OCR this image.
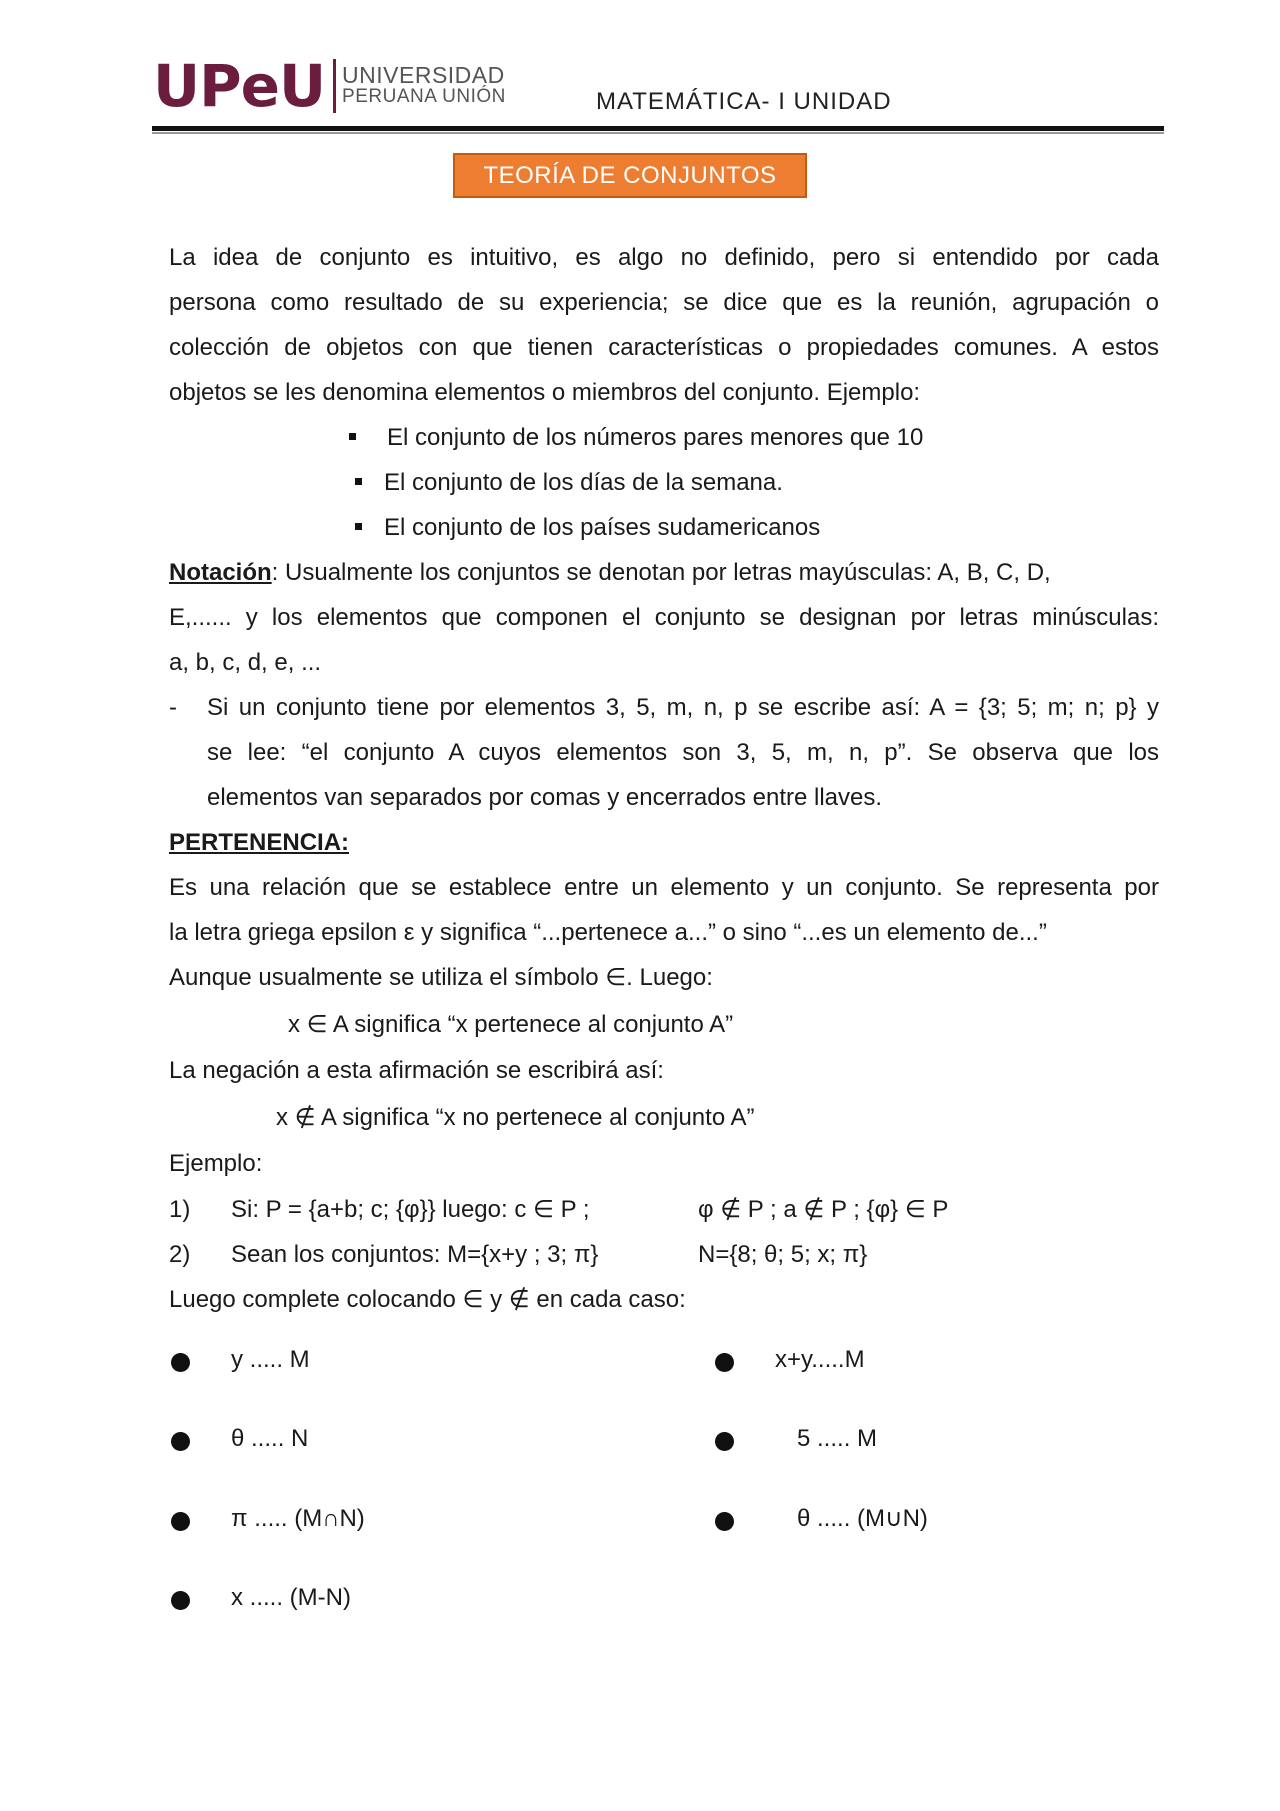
UPeU UNIVERSIDAD
PERUANA UNIÓN	MATEMÁTICA- I UNIDAD
TEORÍA DE CONJUNTOS
La idea de conjunto es intuitivo, es algo no definido, pero si entendido por cada
persona como resultado de su experiencia; se dice que es la reunión, agrupación o
colección de objetos con que tienen características o propiedades comunes. A estos
objetos se les denomina elementos o miembros del conjunto. Ejemplo:
El conjunto de los números pares menores que 10
El conjunto de los días de la semana.
El conjunto de los países sudamericanos
Notación: Usualmente los conjuntos se denotan por letras mayúsculas: A, B, C, D,
E,...... y los elementos que componen el conjunto se designan por letras minúsculas:
a, b, c, d, e, ...
- Si un conjunto tiene por elementos 3, 5, m, n, p se escribe así: A = {3; 5; m; n; p} y
se lee: “el conjunto A cuyos elementos son 3, 5, m, n, p”. Se observa que los
elementos van separados por comas y encerrados entre llaves.
PERTENENCIA:
Es una relación que se establece entre un elemento y un conjunto. Se representa por
la letra griega epsilon ε y significa “...pertenece a...” o sino “...es un elemento de...”
Aunque usualmente se utiliza el símbolo ∈. Luego:
x ∈ A significa “x pertenece al conjunto A”
La negación a esta afirmación se escribirá así:
x ∉ A significa “x no pertenece al conjunto A”
Ejemplo:
1) Si: P = {a+b; c; {φ}} luego: c ∈ P ;	φ ∉ P ; a ∉ P ; {φ} ∈ P
2) Sean los conjuntos: M={x+y ; 3; π}	N={8; θ; 5; x; π}
Luego complete colocando ∈ y ∉ en cada caso:
y ..... M	x+y.....M
θ ..... N	5 ..... M
π ..... (M∩N)	θ ..... (M∪N)
x ..... (M-N)
